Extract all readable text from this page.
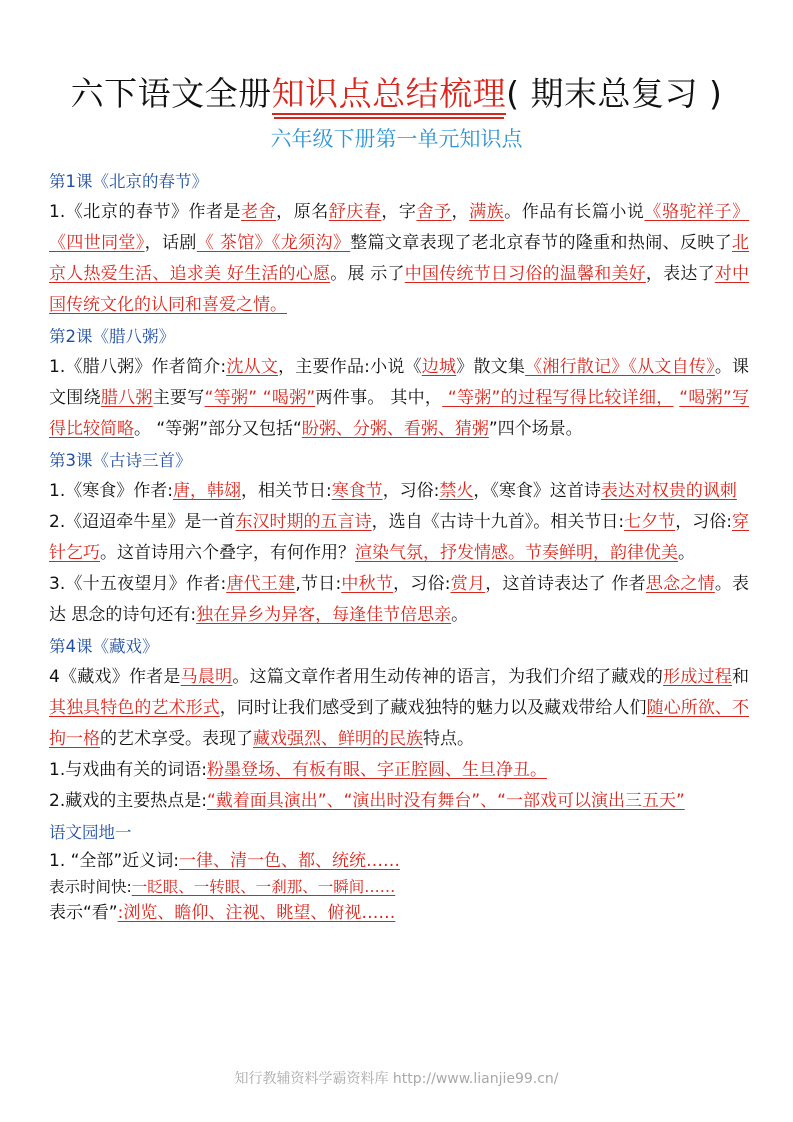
六下语文全册知识点总结梳理( 期末总复习 )
六年级下册第一单元知识点
第1课《北京的春节》
1.《北京的春节》作者是老舍，原名舒庆春，字舍予，满族。作品有长篇小说《骆驼祥子》《四世同堂》，话剧《 茶馆》《龙须沟》整篇文章表现了老北京春节的隆重和热闹、反映了北京人热爱生活、追求美 好生活的心愿。展 示了中国传统节日习俗的温馨和美好，表达了对中国传统文化的认同和喜爱之情。
第2课《腊八粥》
1.《腊八粥》作者简介:沈从文，主要作品:小说《边城》散文集《湘行散记》《从文自传》。课文围绕腊八粥主要写“等粥” “喝粥”两件事。 其中， “等粥”的过程写得比较详细， “喝粥”写得比较简略。 “等粥”部分又包括“盼粥、分粥、看粥、猜粥”四个场景。
第3课《古诗三首》
1.《寒食》作者:唐，韩翃，相关节日:寒食节，习俗:禁火，《寒食》这首诗表达对权贵的讽刺
2.《迢迢牵牛星》是一首东汉时期的五言诗，选自《古诗十九首》。相关节日:七夕节，习俗:穿 针乞巧。这首诗用六个叠字，有何作用？渲染气氛，抒发情感。节奏鲜明，韵律优美。
3.《十五夜望月》作者:唐代王建,节日:中秋节，习俗:赏月，这首诗表达了 作者思念之情。表达 思念的诗句还有:独在异乡为异客，每逢佳节倍思亲。
第4课《藏戏》
4《藏戏》作者是马晨明。这篇文章作者用生动传神的语言，为我们介绍了藏戏的形成过程和其独具特色的艺术形式，同时让我们感受到了藏戏独特的魅力以及藏戏带给人们随心所欲、不拘一格的艺术享受。表现了藏戏强烈、鲜明的民族特点。
1.与戏曲有关的词语:粉墨登场、有板有眼、字正腔圆、生旦净丑。
2.藏戏的主要热点是:“戴着面具演出”、“演出时没有舞台”、“一部戏可以演出三五天”
语文园地一
1. “全部”近义词:一律、清一色、都、统统……
表示时间快:一眨眼、一转眼、一刹那、一瞬间……
表示“看”:浏览、瞻仰、注视、眺望、俯视……
知行教辅资料学霸资料库 http://www.lianjie99.cn/
